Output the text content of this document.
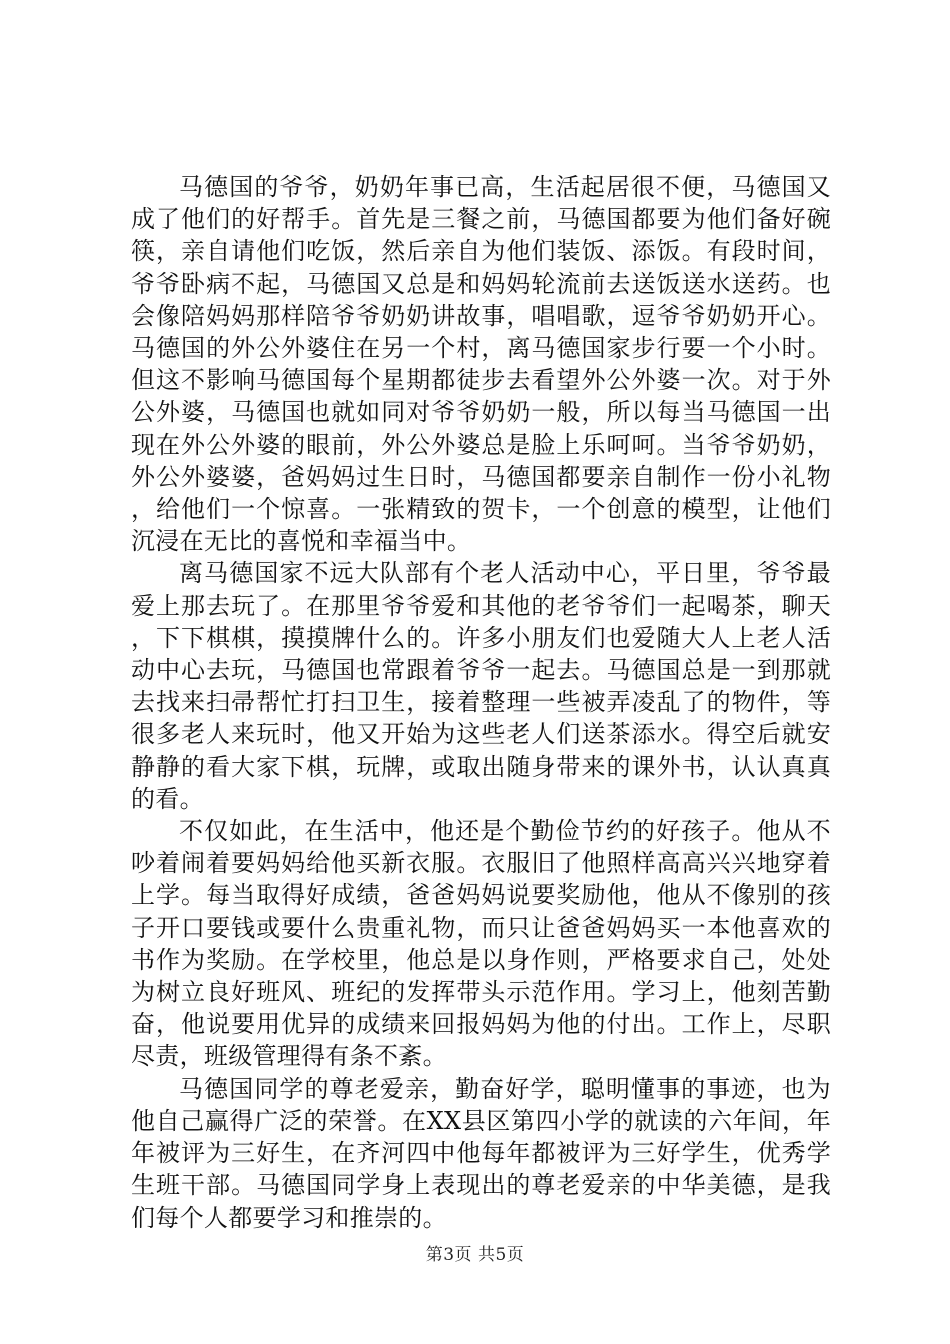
马德国的爷爷，奶奶年事已高，生活起居很不便，马德国又成了他们的好帮手。首先是三餐之前，马德国都要为他们备好碗筷，亲自请他们吃饭，然后亲自为他们装饭、添饭。有段时间，爷爷卧病不起，马德国又总是和妈妈轮流前去送饭送水送药。也会像陪妈妈那样陪爷爷奶奶讲故事，唱唱歌，逗爷爷奶奶开心。马德国的外公外婆住在另一个村，离马德国家步行要一个小时。但这不影响马德国每个星期都徒步去看望外公外婆一次。对于外公外婆，马德国也就如同对爷爷奶奶一般，所以每当马德国一出现在外公外婆的眼前，外公外婆总是脸上乐呵呵。当爷爷奶奶，外公外婆婆，爸妈妈过生日时，马德国都要亲自制作一份小礼物，给他们一个惊喜。一张精致的贺卡，一个创意的模型，让他们沉浸在无比的喜悦和幸福当中。

离马德国家不远大队部有个老人活动中心，平日里，爷爷最爱上那去玩了。在那里爷爷爱和其他的老爷爷们一起喝茶，聊天，下下棋棋，摸摸牌什么的。许多小朋友们也爱随大人上老人活动中心去玩，马德国也常跟着爷爷一起去。马德国总是一到那就去找来扫帚帮忙打扫卫生，接着整理一些被弄凌乱了的物件，等很多老人来玩时，他又开始为这些老人们送茶添水。得空后就安静静的看大家下棋，玩牌，或取出随身带来的课外书，认认真真的看。

不仅如此，在生活中，他还是个勤俭节约的好孩子。他从不吵着闹着要妈妈给他买新衣服。衣服旧了他照样高高兴兴地穿着上学。每当取得好成绩，爸爸妈妈说要奖励他，他从不像别的孩子开口要钱或要什么贵重礼物，而只让爸爸妈妈买一本他喜欢的书作为奖励。在学校里，他总是以身作则，严格要求自己，处处为树立良好班风、班纪的发挥带头示范作用。学习上，他刻苦勤奋，他说要用优异的成绩来回报妈妈为他的付出。工作上，尽职尽责，班级管理得有条不紊。

马德国同学的尊老爱亲，勤奋好学，聪明懂事的事迹，也为他自己赢得广泛的荣誉。在XX县区第四小学的就读的六年间，年年被评为三好生，在齐河四中他每年都被评为三好学生，优秀学生班干部。马德国同学身上表现出的尊老爱亲的中华美德，是我们每个人都要学习和推崇的。

第3页 共5页
